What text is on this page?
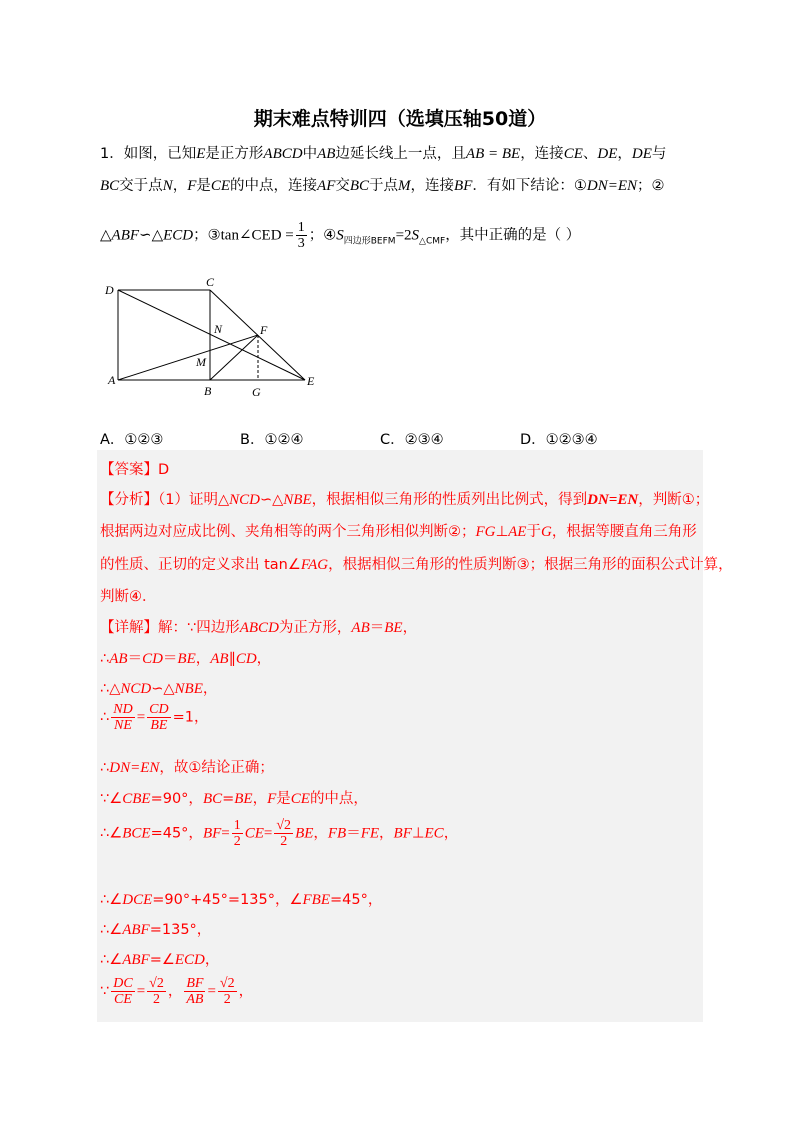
期末难点特训四（选填压轴50道）
1．如图，已知E是正方形ABCD中AB边延长线上一点，且AB = BE，连接CE、DE，DE与
BC交于点N，F是CE的中点，连接AF交BC于点M，连接BF．有如下结论：①DN=EN；②
△ABF∽△ECD；③tan∠CED = $\frac{1}{3}$ ；$④S_{四边形BEFM}=2S_{\triangle CMF}$，其中正确的是（ ）
D
C
N	F
M
A
B	G
E
A．①②③	B．①②④	C．②③④	D．①②③④
【答案】D
【分析】（1）证明△NCD∽△NBE，根据相似三角形的性质列出比例式，得到DN=EN，判断①；
根据两边对应成比例、夹角相等的两个三角形相似判断②；FG⊥AE于G，根据等腰直角三角形
的性质、正切的定义求出 tan∠FAG，根据相似三角形的性质判断③；根据三角形的面积公式计算，
判断④．
【详解】解：∵四边形ABCD为正方形，AB＝BE，
∴AB＝CD＝BE，AB∥CD，
∴△NCD∽△NBE，
∴ $\frac{ND}{NE} = \frac{CD}{BE} =1$，
∴DN=EN，故①结论正确；
∵∠CBE=90°，BC=BE，F是CE的中点，
∴∠BCE=45°，$BF= \frac{1}{2} CE= \frac{√2}{2}$ BE，FB＝FE，BF⊥EC，
∴∠DCE=90°+45°=135°，∠FBE=45°，
∴∠ABF=135°，
∴∠ABF=∠ECD，
∵ $\frac{DC}{CE} = \frac{√2}{2}$ ， $\frac{BF}{AB} = \frac{√2}{2}$ ，
